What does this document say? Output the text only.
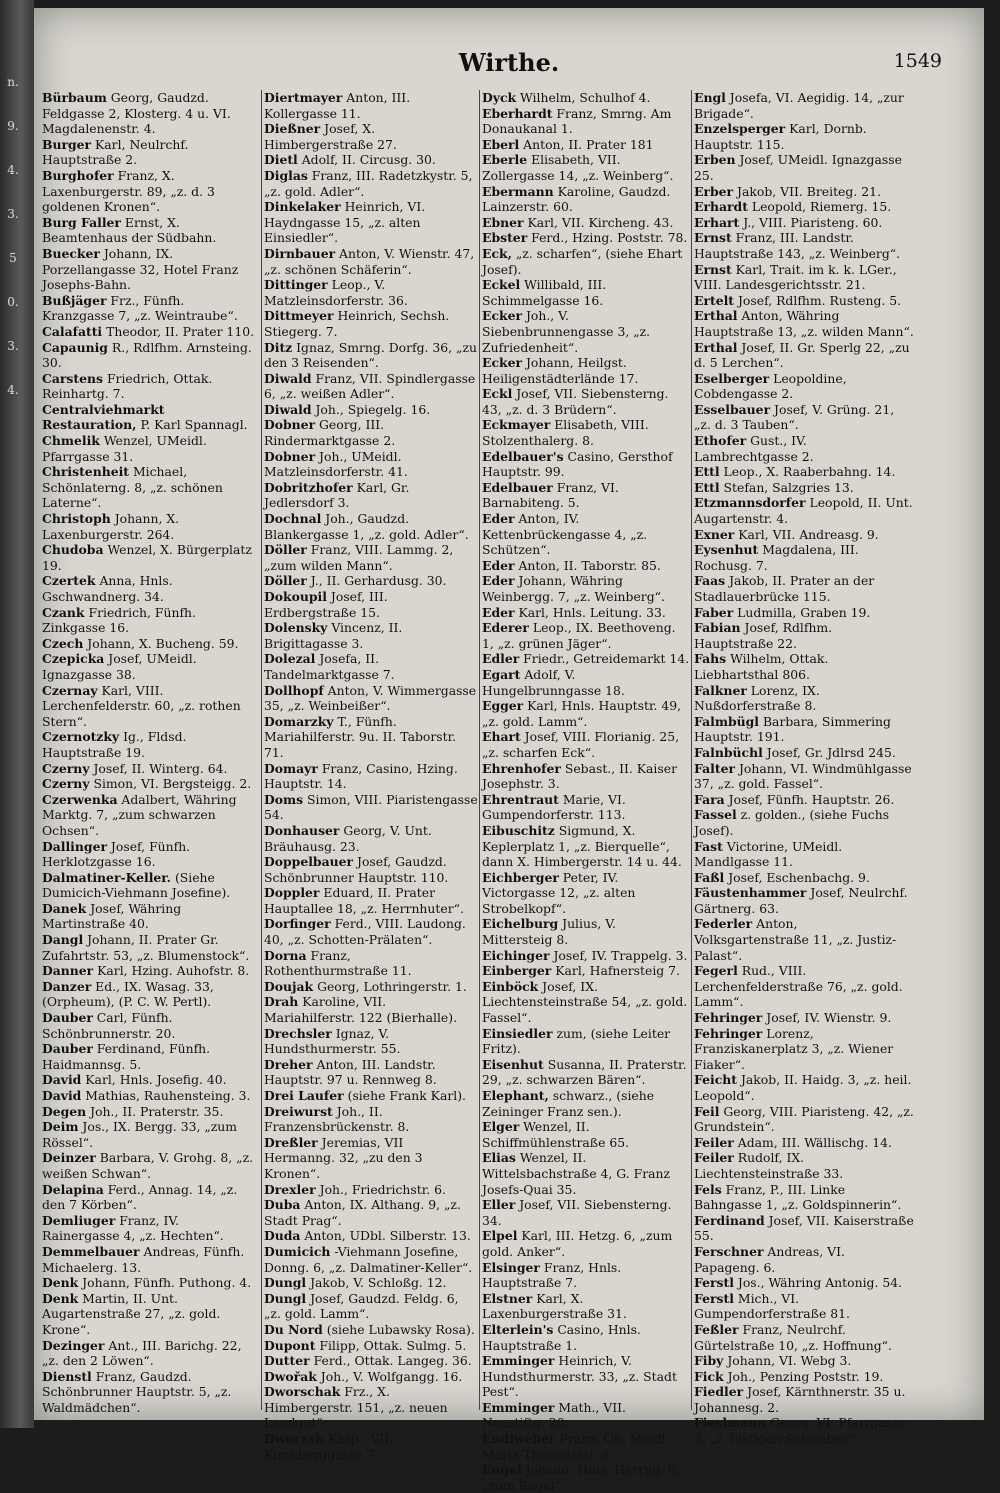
n.
9.
4.
3.
5
0.
3.
4.
Wirthe.	1549
Bürbaum Georg, Gaudzd. Feldgasse 2, Klosterg. 4 u. VI. Magdalenenstr. 4.
Burger Karl, Neulrchf. Hauptstraße 2.
Burghofer Franz, X. Laxenburgerstr. 89, „z. d. 3 goldenen Kronen“.
Burg Faller Ernst, X. Beamtenhaus der Südbahn.
Buecker Johann, IX. Porzellangasse 32, Hotel Franz Josephs-Bahn.
Bußjäger Frz., Fünfh. Kranzgasse 7, „z. Weintraube“.
Calafatti Theodor, II. Prater 110.
Capaunig R., Rdlfhm. Arnsteing. 30.
Carstens Friedrich, Ottak. Reinhartg. 7.
Centralviehmarkt Restauration, P. Karl Spannagl.
Chmelik Wenzel, UMeidl. Pfarrgasse 31.
Christenheit Michael, Schönlaterng. 8, „z. schönen Laterne“.
Christoph Johann, X. Laxenburgerstr. 264.
Chudoba Wenzel, X. Bürgerplatz 19.
Czertek Anna, Hnls. Gschwandnerg. 34.
Czank Friedrich, Fünfh. Zinkgasse 16.
Czech Johann, X. Bucheng. 59.
Czepicka Josef, UMeidl. Ignazgasse 38.
Czernay Karl, VIII. Lerchenfelderstr. 60, „z. rothen Stern“.
Czernotzky Ig., Fldsd. Hauptstraße 19.
Czerny Josef, II. Winterg. 64.
Czerny Simon, VI. Bergsteigg. 2.
Czerwenka Adalbert, Währing Marktg. 7, „zum schwarzen Ochsen“.
Dallinger Josef, Fünfh. Herklotzgasse 16.
Dalmatiner-Keller. (Siehe Dumicich-Viehmann Josefine).
Danek Josef, Währing Martinstraße 40.
Dangl Johann, II. Prater Gr. Zufahrtstr. 53, „z. Blumenstock“.
Danner Karl, Hzing. Auhofstr. 8.
Danzer Ed., IX. Wasag. 33, (Orpheum), (P. C. W. Pertl).
Dauber Carl, Fünfh. Schönbrunnerstr. 20.
Dauber Ferdinand, Fünfh. Haidmannsg. 5.
David Karl, Hnls. Josefig. 40.
David Mathias, Rauhensteing. 3.
Degen Joh., II. Praterstr. 35.
Deim Jos., IX. Bergg. 33, „zum Rössel“.
Deinzer Barbara, V. Grohg. 8, „z. weißen Schwan“.
Delapina Ferd., Annag. 14, „z. den 7 Körben“.
Demliuger Franz, IV. Rainergasse 4, „z. Hechten“.
Demmelbauer Andreas, Fünfh. Michaelerg. 13.
Denk Johann, Fünfh. Puthong. 4.
Denk Martin, II. Unt. Augartenstraße 27, „z. gold. Krone“.
Dezinger Ant., III. Barichg. 22, „z. den 2 Löwen“.
Dienstl Franz, Gaudzd. Schönbrunner Hauptstr. 5, „z. Waldmädchen“.
Diertmayer Anton, III. Kollergasse 11.
Dießner Josef, X. Himbergerstraße 27.
Dietl Adolf, II. Circusg. 30.
Diglas Franz, III. Radetzkystr. 5, „z. gold. Adler“.
Dinkelaker Heinrich, VI. Haydngasse 15, „z. alten Einsiedler“.
Dirnbauer Anton, V. Wienstr. 47, „z. schönen Schäferin“.
Dittinger Leop., V. Matzleinsdorferstr. 36.
Dittmeyer Heinrich, Sechsh. Stiegerg. 7.
Ditz Ignaz, Smrng. Dorfg. 36, „zu den 3 Reisenden“.
Diwald Franz, VII. Spindlergasse 6, „z. weißen Adler“.
Diwald Joh., Spiegelg. 16.
Dobner Georg, III. Rindermarktgasse 2.
Dobner Joh., UMeidl. Matzleinsdorferstr. 41.
Dobritzhofer Karl, Gr. Jedlersdorf 3.
Dochnal Joh., Gaudzd. Blankergasse 1, „z. gold. Adler“.
Döller Franz, VIII. Lammg. 2, „zum wilden Mann“.
Döller J., II. Gerhardusg. 30.
Dokoupil Josef, III. Erdbergstraße 15.
Dolensky Vincenz, II. Brigittagasse 3.
Dolezal Josefa, II. Tandelmarktgasse 7.
Dollhopf Anton, V. Wimmergasse 35, „z. Weinbeißer“.
Domarzky T., Fünfh. Mariahilferstr. 9u. II. Taborstr. 71.
Domayr Franz, Casino, Hzing. Hauptstr. 14.
Doms Simon, VIII. Piaristengasse 54.
Donhauser Georg, V. Unt. Bräuhausg. 23.
Doppelbauer Josef, Gaudzd. Schönbrunner Hauptstr. 110.
Doppler Eduard, II. Prater Hauptallee 18, „z. Herrnhuter“.
Dorfinger Ferd., VIII. Laudong. 40, „z. Schotten-Prälaten“.
Dorna Franz, Rothenthurmstraße 11.
Doujak Georg, Lothringerstr. 1.
Drah Karoline, VII. Mariahilferstr. 122 (Bierhalle).
Drechsler Ignaz, V. Hundsthurmerstr. 55.
Dreher Anton, III. Landstr. Hauptstr. 97 u. Rennweg 8.
Drei Laufer (siehe Frank Karl).
Dreiwurst Joh., II. Franzensbrückenstr. 8.
Dreßler Jeremias, VII Hermanng. 32, „zu den 3 Kronen“.
Drexler Joh., Friedrichstr. 6.
Duba Anton, IX. Althang. 9, „z. Stadt Prag“.
Duda Anton, UDbl. Silberstr. 13.
Dumicich -Viehmann Josefine, Donng. 6, „z. Dalmatiner-Keller“.
Dungl Jakob, V. Schloßg. 12.
Dungl Josef, Gaudzd. Feldg. 6, „z. gold. Lamm“.
Du Nord (siehe Lubawsky Rosa).
Dupont Filipp, Ottak. Sulmg. 5.
Dutter Ferd., Ottak. Langeg. 36.
Dwořak Joh., V. Wolfgangg. 16.
Dworschak Frz., X. Himbergerstr. 151, „z. neuen Landgut“.
Dworzak Kasp., VII. Kirchberggasse 7.
Dyck Wilhelm, Schulhof 4.
Eberhardt Franz, Smrng. Am Donaukanal 1.
Eberl Anton, II. Prater 181
Eberle Elisabeth, VII. Zollergasse 14, „z. Weinberg“.
Ebermann Karoline, Gaudzd. Lainzerstr. 60.
Ebner Karl, VII. Kircheng. 43.
Ebster Ferd., Hzing. Poststr. 78.
Eck, „z. scharfen“, (siehe Ehart Josef).
Eckel Willibald, III. Schimmelgasse 16.
Ecker Joh., V. Siebenbrunnengasse 3, „z. Zufriedenheit“.
Ecker Johann, Heilgst. Heiligenstädterlände 17.
Eckl Josef, VII. Siebensterng. 43, „z. d. 3 Brüdern“.
Eckmayer Elisabeth, VIII. Stolzenthalerg. 8.
Edelbauer's Casino, Gersthof Hauptstr. 99.
Edelbauer Franz, VI. Barnabiteng. 5.
Eder Anton, IV. Kettenbrückengasse 4, „z. Schützen“.
Eder Anton, II. Taborstr. 85.
Eder Johann, Währing Weinbergg. 7, „z. Weinberg“.
Eder Karl, Hnls. Leitung. 33.
Ederer Leop., IX. Beethoveng. 1, „z. grünen Jäger“.
Edler Friedr., Getreidemarkt 14.
Egart Adolf, V. Hungelbrunngasse 18.
Egger Karl, Hnls. Hauptstr. 49, „z. gold. Lamm“.
Ehart Josef, VIII. Florianig. 25, „z. scharfen Eck“.
Ehrenhofer Sebast., II. Kaiser Josephstr. 3.
Ehrentraut Marie, VI. Gumpendorferstr. 113.
Eibuschitz Sigmund, X. Keplerplatz 1, „z. Bierquelle“, dann X. Himbergerstr. 14 u. 44.
Eichberger Peter, IV. Victorgasse 12, „z. alten Strobelkopf“.
Eichelburg Julius, V. Mittersteig 8.
Eichinger Josef, IV. Trappelg. 3.
Einberger Karl, Hafnersteig 7.
Einböck Josef, IX. Liechtensteinstraße 54, „z. gold. Fassel“.
Einsiedler zum, (siehe Leiter Fritz).
Eisenhut Susanna, II. Praterstr. 29, „z. schwarzen Bären“.
Elephant, schwarz., (siehe Zeininger Franz sen.).
Elger Wenzel, II. Schiffmühlenstraße 65.
Elias Wenzel, II. Wittelsbachstraße 4, G. Franz Josefs-Quai 35.
Eller Josef, VII. Siebensterng. 34.
Elpel Karl, III. Hetzg. 6, „zum gold. Anker“.
Elsinger Franz, Hnls. Hauptstraße 7.
Elstner Karl, X. Laxenburgerstraße 31.
Elterlein's Casino, Hnls. Hauptstraße 1.
Emminger Heinrich, V. Hundsthurmerstr. 33, „z. Stadt Pest“.
Emminger Math., VII. Neustiftg. 20.
Endlweber Franz, Ob. Meidl. Maria Theresiastr. 8.
Engel Johann, Hnls. Herrng. 8, „zum Engel“.
Engl Josefa, VI. Aegidig. 14, „zur Brigade“.
Enzelsperger Karl, Dornb. Hauptstr. 115.
Erben Josef, UMeidl. Ignazgasse 25.
Erber Jakob, VII. Breiteg. 21.
Erhardt Leopold, Riemerg. 15.
Erhart J., VIII. Piaristeng. 60.
Ernst Franz, III. Landstr. Hauptstraße 143, „z. Weinberg“.
Ernst Karl, Trait. im k. k. LGer., VIII. Landesgerichtsstr. 21.
Ertelt Josef, Rdlfhm. Rusteng. 5.
Erthal Anton, Währing Hauptstraße 13, „z. wilden Mann“.
Erthal Josef, II. Gr. Sperlg 22, „zu d. 5 Lerchen“.
Eselberger Leopoldine, Cobdengasse 2.
Esselbauer Josef, V. Grüng. 21, „z. d. 3 Tauben“.
Ethofer Gust., IV. Lambrechtgasse 2.
Ettl Leop., X. Raaberbahng. 14.
Ettl Stefan, Salzgries 13.
Etzmannsdorfer Leopold, II. Unt. Augartenstr. 4.
Exner Karl, VII. Andreasg. 9.
Eysenhut Magdalena, III. Rochusg. 7.
Faas Jakob, II. Prater an der Stadlauerbrücke 115.
Faber Ludmilla, Graben 19.
Fabian Josef, Rdlfhm. Hauptstraße 22.
Fahs Wilhelm, Ottak. Liebhartsthal 806.
Falkner Lorenz, IX. Nußdorferstraße 8.
Falmbügl Barbara, Simmering Hauptstr. 191.
Falnbüchl Josef, Gr. Jdlrsd 245.
Falter Johann, VI. Windmühlgasse 37, „z. gold. Fassel“.
Fara Josef, Fünfh. Hauptstr. 26.
Fassel z. golden., (siehe Fuchs Josef).
Fast Victorine, UMeidl. Mandlgasse 11.
Faßl Josef, Eschenbachg. 9.
Fäustenhammer Josef, Neulrchf. Gärtnerg. 63.
Federler Anton, Volksgartenstraße 11, „z. Justiz-Palast“.
Fegerl Rud., VIII. Lerchenfelderstraße 76, „z. gold. Lamm“.
Fehringer Josef, IV. Wienstr. 9.
Fehringer Lorenz, Franziskanerplatz 3, „z. Wiener Fiaker“.
Feicht Jakob, II. Haidg. 3, „z. heil. Leopold“.
Feil Georg, VIII. Piaristeng. 42, „z. Grundstein“.
Feiler Adam, III. Wällischg. 14.
Feiler Rudolf, IX. Liechtensteinstraße 33.
Fels Franz, P., III. Linke Bahngasse 1, „z. Goldspinnerin“.
Ferdinand Josef, VII. Kaiserstraße 55.
Ferschner Andreas, VI. Papageng. 6.
Ferstl Jos., Währing Antonig. 54.
Ferstl Mich., VI. Gumpendorferstraße 81.
Feßler Franz, Neulrchf. Gürtelstraße 10, „z. Hoffnung“.
Fiby Johann, VI. Webg 3.
Fick Joh., Penzing Poststr. 19.
Fiedler Josef, Kärnthnerstr. 35 u. Johannesg. 2.
Fieslmann Georg, VI. Pfarrgasse 3, „z. lustigen Schwaben“.
